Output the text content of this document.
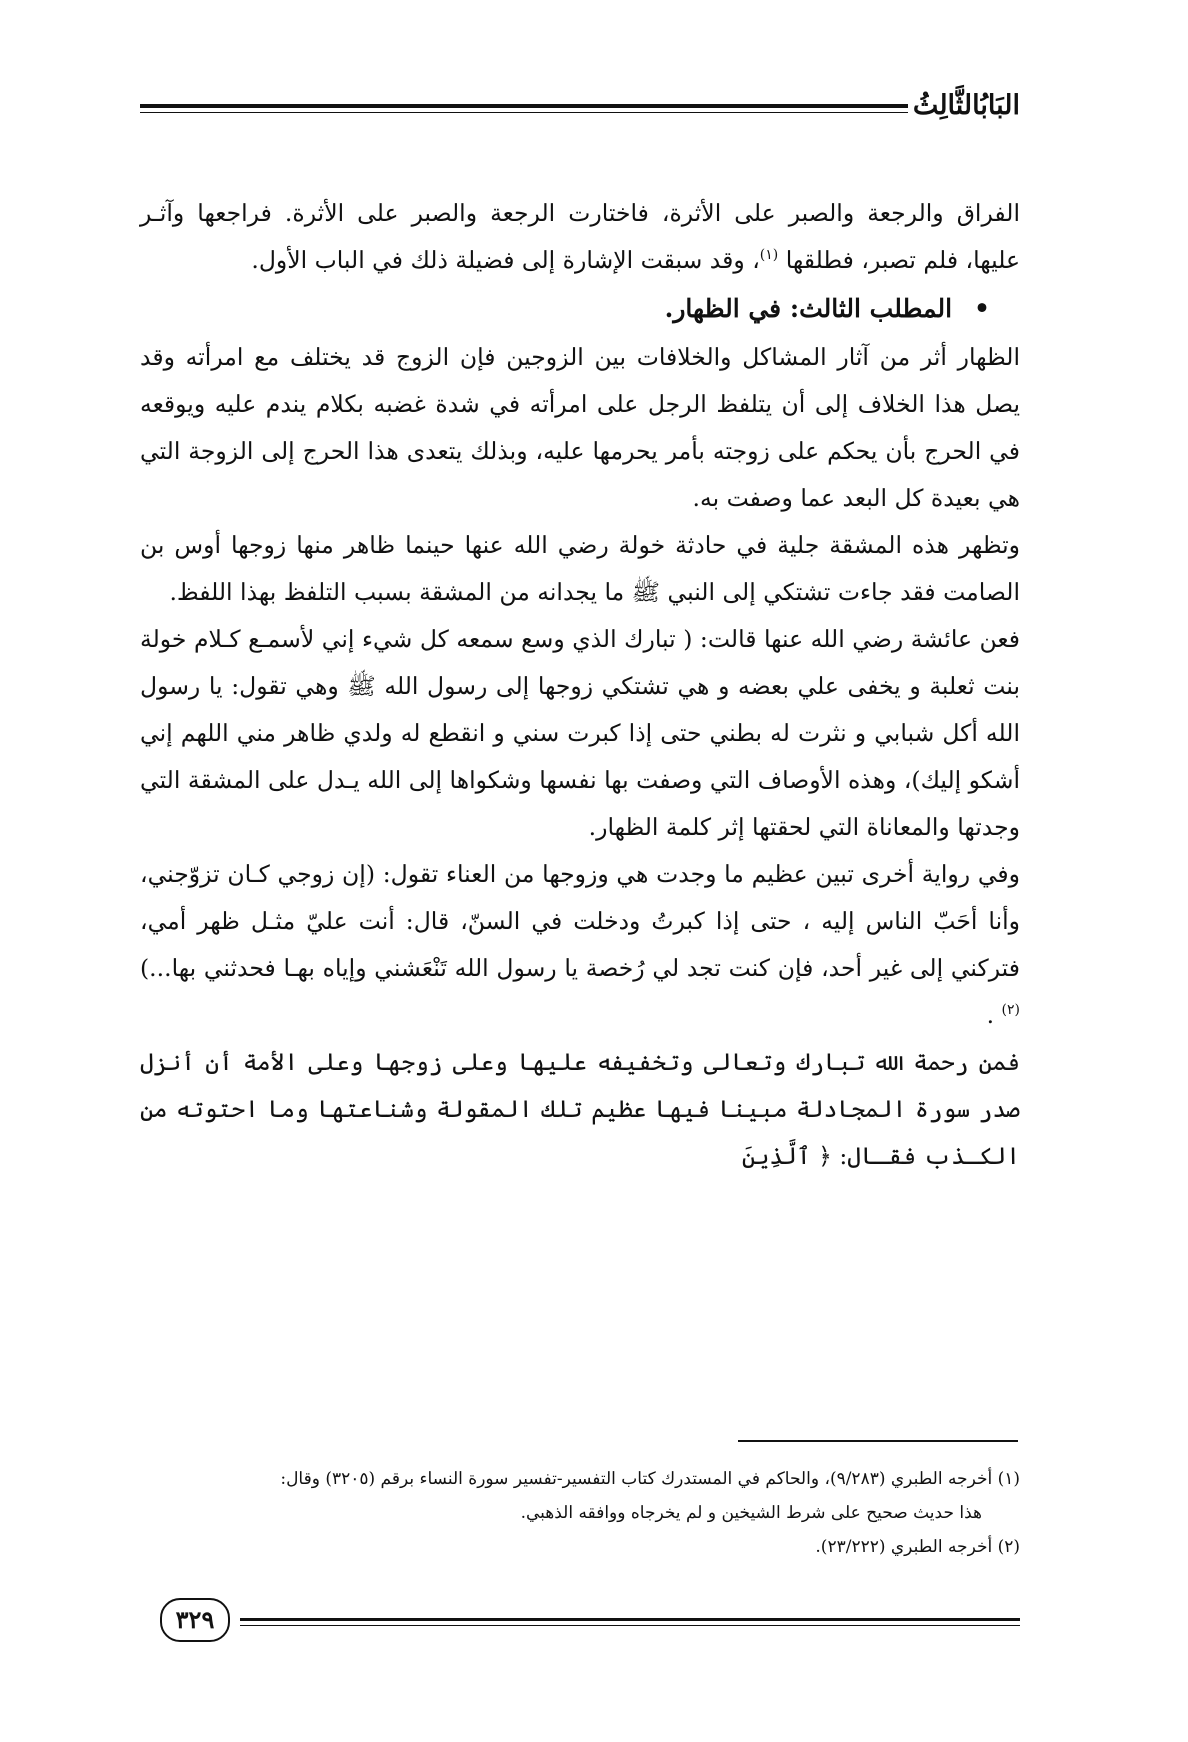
البَابُالثَّالِثُ

الفراق والرجعة والصبر على الأثرة، فاختارت الرجعة والصبر على الأثرة. فراجعها وآثـر عليها، فلم تصبر، فطلقها $^{(١)}$، وقد سبقت الإشارة إلى فضيلة ذلك في الباب الأول.

•المطلب الثالث: في الظهار.

الظهار أثر من آثار المشاكل والخلافات بين الزوجين فإن الزوج قد يختلف مع امرأته وقد يصل هذا الخلاف إلى أن يتلفظ الرجل على امرأته في شدة غضبه بكلام يندم عليه ويوقعه في الحرج بأن يحكم على زوجته بأمر يحرمها عليه، وبذلك يتعدى هذا الحرج إلى الزوجة التي هي بعيدة كل البعد عما وصفت به.

وتظهر هذه المشقة جلية في حادثة خولة رضي الله عنها حينما ظاهر منها زوجها أوس بن الصامت فقد جاءت تشتكي إلى النبي ﷺ ما يجدانه من المشقة بسبب التلفظ بهذا اللفظ.

فعن عائشة رضي الله عنها قالت: ( تبارك الذي وسع سمعه كل شيء إني لأسمـع كـلام خولة بنت ثعلبة و يخفى علي بعضه و هي تشتكي زوجها إلى رسول الله ﷺ وهي تقول: يا رسول الله أكل شبابي و نثرت له بطني حتى إذا كبرت سني و انقطع له ولدي ظاهر مني اللهم إني أشكو إليك)، وهذه الأوصاف التي وصفت بها نفسها وشكواها إلى الله يـدل على المشقة التي وجدتها والمعاناة التي لحقتها إثر كلمة الظهار.

وفي رواية أخرى تبين عظيم ما وجدت هي وزوجها من العناء تقول: (إن زوجي كـان تزوّجني، وأنا أحَبّ الناس إليه ، حتى إذا كبرتُ ودخلت في السنّ، قال: أنت عليّ مثـل ظهر أمي، فتركني إلى غير أحد، فإن كنت تجد لي رُخصة يا رسول الله تَنْعَشني وإياه بهـا فحدثني بها...) $^{(٢)}$ .

فمن رحمة الله تبارك وتعالى وتخفيفه عليها وعلى زوجها وعلى الأمة أن أنزل صدر سورة المجادلة مبينا فيها عظيم تلك المقولة وشناعتها وما احتوته من الكـذب فقـال: ﴿ ٱلَّذِينَ

(١) أخرجه الطبري (٩/٢٨٣)، والحاكم في المستدرك كتاب التفسير-تفسير سورة النساء برقم (٣٢٠٥) وقال:

هذا حديث صحيح على شرط الشيخين و لم يخرجاه ووافقه الذهبي.

(٢) أخرجه الطبري (٢٣/٢٢٢).

٣٢٩
